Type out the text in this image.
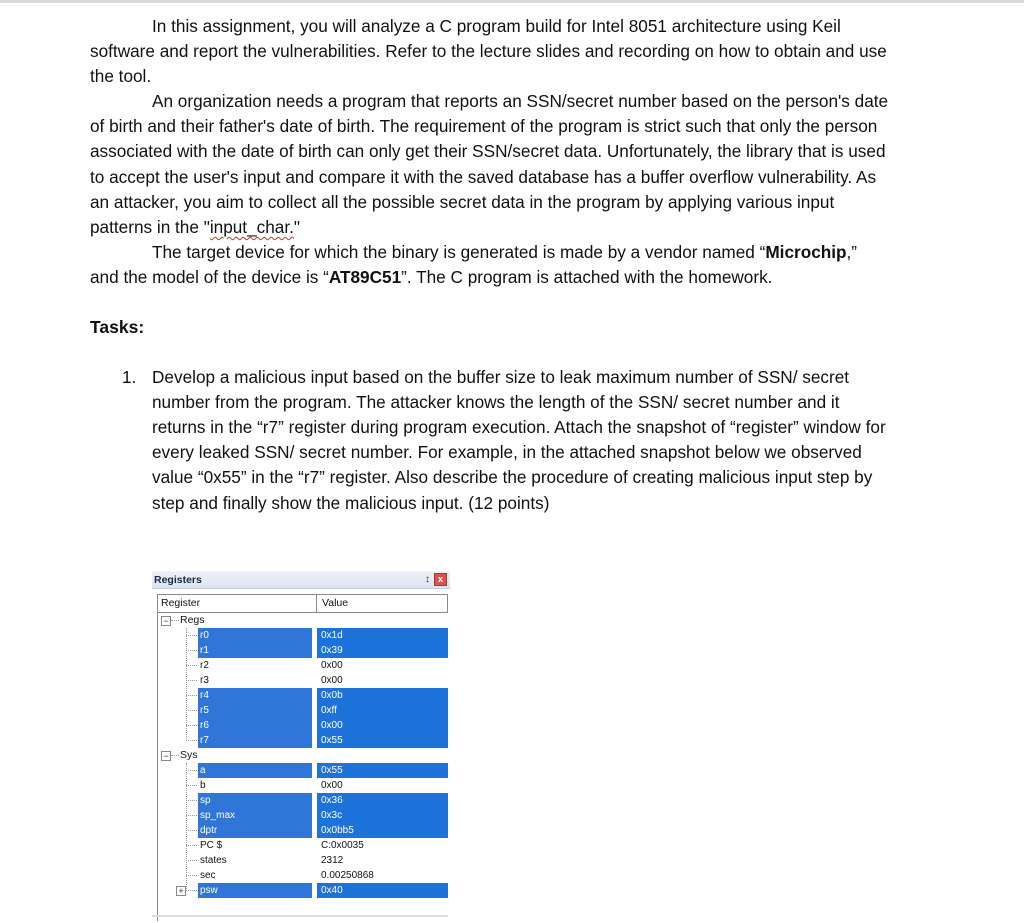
In this assignment, you will analyze a C program build for Intel 8051 architecture using Keil software and report the vulnerabilities. Refer to the lecture slides and recording on how to obtain and use the tool.

An organization needs a program that reports an SSN/secret number based on the person's date of birth and their father's date of birth. The requirement of the program is strict such that only the person associated with the date of birth can only get their SSN/secret data. Unfortunately, the library that is used to accept the user's input and compare it with the saved database has a buffer overflow vulnerability. As an attacker, you aim to collect all the possible secret data in the program by applying various input patterns in the "input_char."

The target device for which the binary is generated is made by a vendor named “Microchip,” and the model of the device is “AT89C51”. The C program is attached with the homework.

Tasks:
1. Develop a malicious input based on the buffer size to leak maximum number of SSN/ secret number from the program. The attacker knows the length of the SSN/ secret number and it returns in the “r7” register during program execution. Attach the snapshot of “register” window for every leaked SSN/ secret number. For example, in the attached snapshot below we observed value “0x55” in the “r7” register. Also describe the procedure of creating malicious input step by step and finally show the malicious input. (12 points)
Registers	↕ x
Register	Value
− Regs
r0	0x1d
r1	0x39
r2	0x00
r3	0x00
r4	0x0b
r5	0xff
r6	0x00
r7	0x55
− Sys
a	0x55
b	0x00
sp	0x36
sp_max	0x3c
dptr	0x0bb5
PC $	C:0x0035
states	2312
sec	0.00250868
+ psw	0x40
